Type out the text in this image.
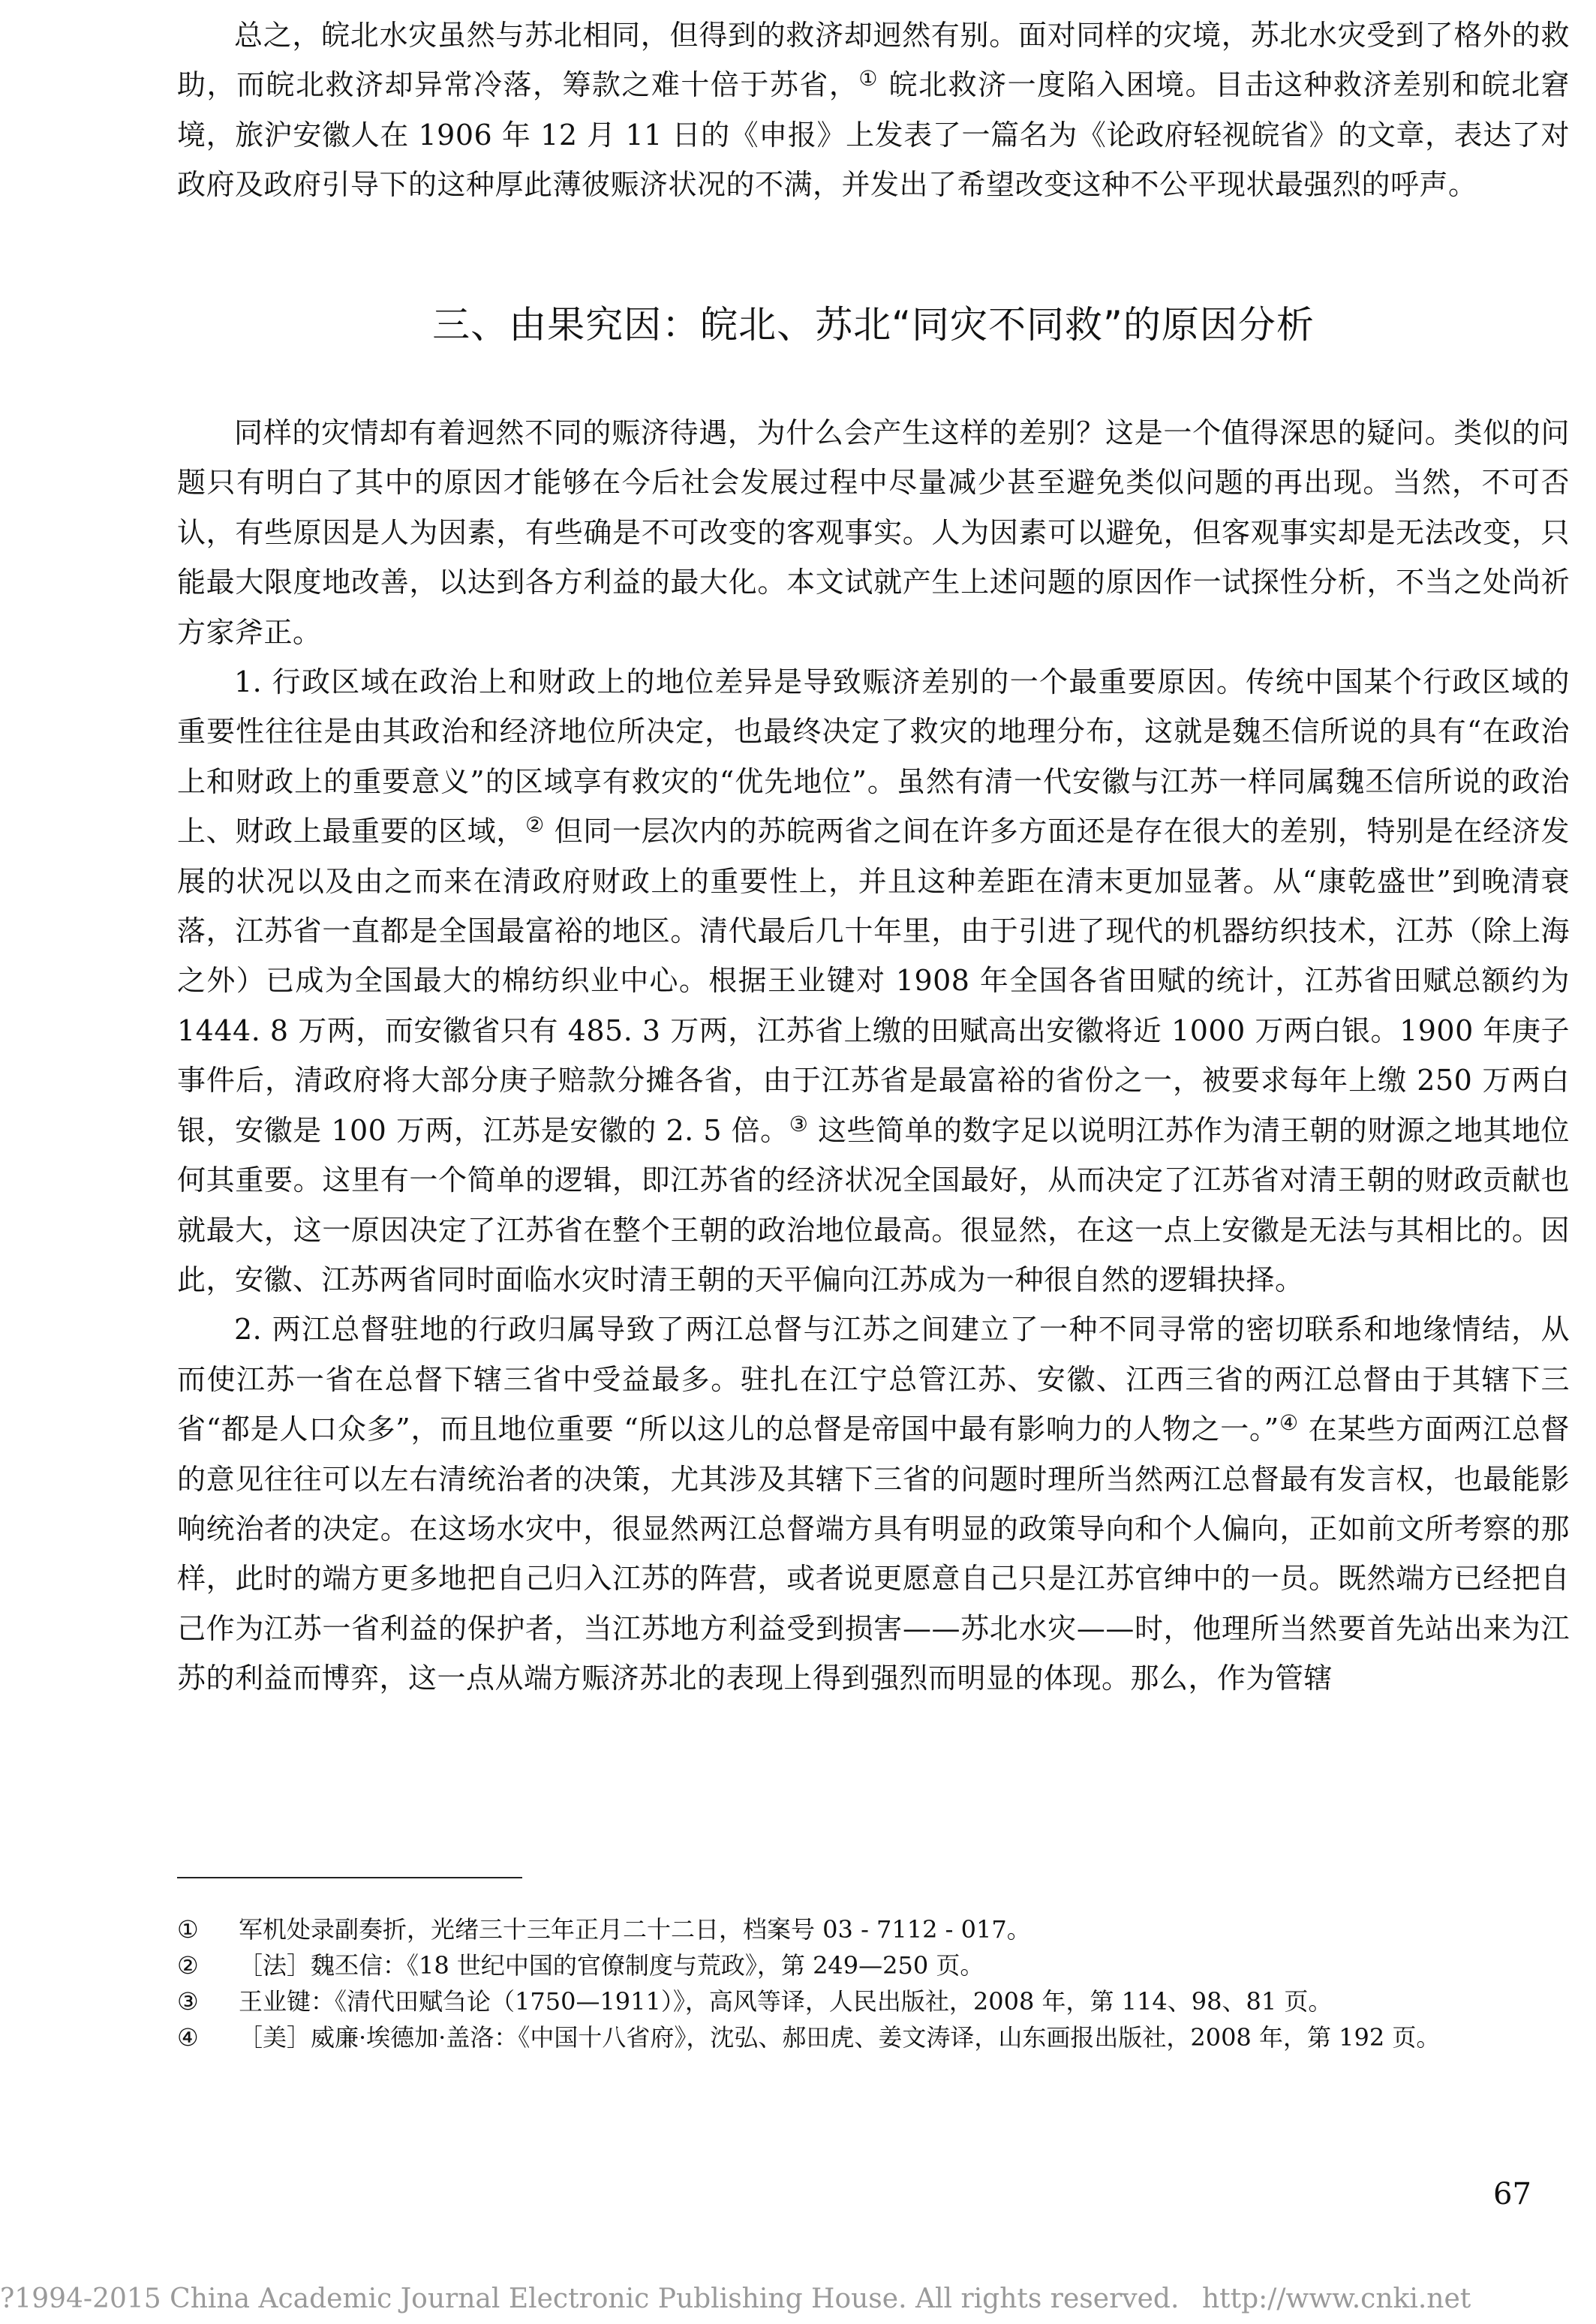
总之，皖北水灾虽然与苏北相同，但得到的救济却迥然有别。面对同样的灾境，苏北水灾受到了格外的救助，而皖北救济却异常冷落，筹款之难十倍于苏省，① 皖北救济一度陷入困境。目击这种救济差别和皖北窘境，旅沪安徽人在 1906 年 12 月 11 日的《申报》上发表了一篇名为《论政府轻视皖省》的文章，表达了对政府及政府引导下的这种厚此薄彼赈济状况的不满，并发出了希望改变这种不公平现状最强烈的呼声。

三、由果究因：皖北、苏北“同灾不同救”的原因分析

同样的灾情却有着迥然不同的赈济待遇，为什么会产生这样的差别？这是一个值得深思的疑问。类似的问题只有明白了其中的原因才能够在今后社会发展过程中尽量减少甚至避免类似问题的再出现。当然，不可否认，有些原因是人为因素，有些确是不可改变的客观事实。人为因素可以避免，但客观事实却是无法改变，只能最大限度地改善，以达到各方利益的最大化。本文试就产生上述问题的原因作一试探性分析，不当之处尚祈方家斧正。

1. 行政区域在政治上和财政上的地位差异是导致赈济差别的一个最重要原因。传统中国某个行政区域的重要性往往是由其政治和经济地位所决定，也最终决定了救灾的地理分布，这就是魏丕信所说的具有“在政治上和财政上的重要意义”的区域享有救灾的“优先地位”。虽然有清一代安徽与江苏一样同属魏丕信所说的政治上、财政上最重要的区域，② 但同一层次内的苏皖两省之间在许多方面还是存在很大的差别，特别是在经济发展的状况以及由之而来在清政府财政上的重要性上，并且这种差距在清末更加显著。从“康乾盛世”到晚清衰落，江苏省一直都是全国最富裕的地区。清代最后几十年里，由于引进了现代的机器纺织技术，江苏（除上海之外）已成为全国最大的棉纺织业中心。根据王业键对 1908 年全国各省田赋的统计，江苏省田赋总额约为 1444. 8 万两，而安徽省只有 485. 3 万两，江苏省上缴的田赋高出安徽将近 1000 万两白银。1900 年庚子事件后，清政府将大部分庚子赔款分摊各省，由于江苏省是最富裕的省份之一，被要求每年上缴 250 万两白银，安徽是 100 万两，江苏是安徽的 2. 5 倍。③ 这些简单的数字足以说明江苏作为清王朝的财源之地其地位何其重要。这里有一个简单的逻辑，即江苏省的经济状况全国最好，从而决定了江苏省对清王朝的财政贡献也就最大，这一原因决定了江苏省在整个王朝的政治地位最高。很显然，在这一点上安徽是无法与其相比的。因此，安徽、江苏两省同时面临水灾时清王朝的天平偏向江苏成为一种很自然的逻辑抉择。

2. 两江总督驻地的行政归属导致了两江总督与江苏之间建立了一种不同寻常的密切联系和地缘情结，从而使江苏一省在总督下辖三省中受益最多。驻扎在江宁总管江苏、安徽、江西三省的两江总督由于其辖下三省“都是人口众多”，而且地位重要 “所以这儿的总督是帝国中最有影响力的人物之一。”④ 在某些方面两江总督的意见往往可以左右清统治者的决策，尤其涉及其辖下三省的问题时理所当然两江总督最有发言权，也最能影响统治者的决定。在这场水灾中，很显然两江总督端方具有明显的政策导向和个人偏向，正如前文所考察的那样，此时的端方更多地把自己归入江苏的阵营，或者说更愿意自己只是江苏官绅中的一员。既然端方已经把自己作为江苏一省利益的保护者，当江苏地方利益受到损害——苏北水灾——时，他理所当然要首先站出来为江苏的利益而博弈，这一点从端方赈济苏北的表现上得到强烈而明显的体现。那么，作为管辖

①	军机处录副奏折，光绪三十三年正月二十二日，档案号 03 - 7112 - 017。
②	［法］魏丕信：《18 世纪中国的官僚制度与荒政》，第 249—250 页。
③	王业键：《清代田赋刍论（1750—1911）》，高风等译，人民出版社，2008 年，第 114、98、81 页。
④	［美］威廉·埃德加·盖洛：《中国十八省府》，沈弘、郝田虎、姜文涛译，山东画报出版社，2008 年，第 192 页。
67
?1994-2015 China Academic Journal Electronic Publishing House. All rights reserved. http://www.cnki.net
